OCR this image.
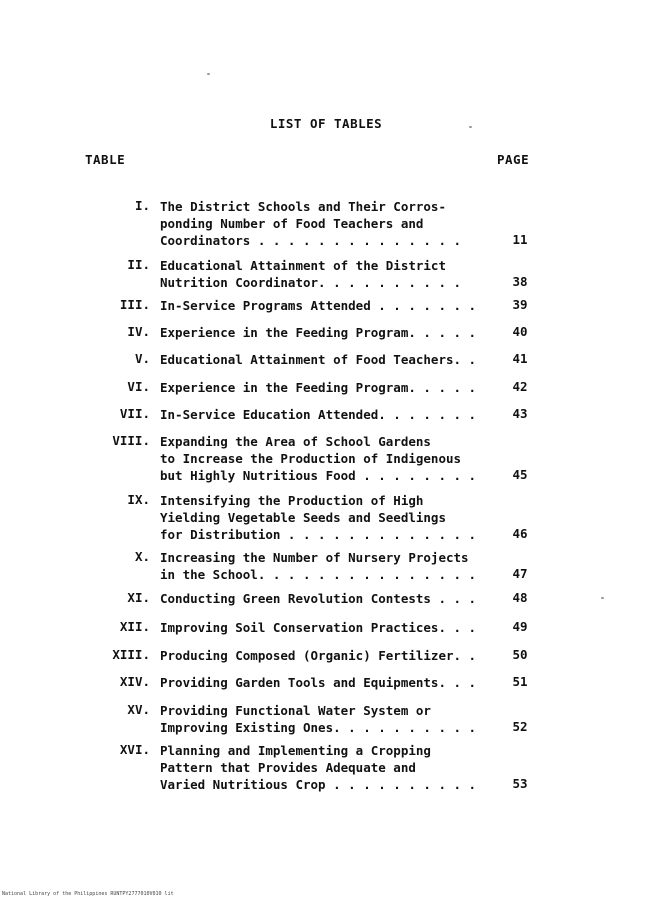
LIST OF TABLES
TABLE	PAGE
I. The District Schools and Their Corros-
ponding Number of Food Teachers and
Coordinators . . . . . . . . . . . . . .	11
II. Educational Attainment of the District
Nutrition Coordinator. . . . . . . . . .	38
III. In-Service Programs Attended . . . . . . .	39
IV. Experience in the Feeding Program. . . . .	40
V. Educational Attainment of Food Teachers. .	41
VI. Experience in the Feeding Program. . . . .	42
VII. In-Service Education Attended. . . . . . .	43
VIII. Expanding the Area of School Gardens
to Increase the Production of Indigenous
but Highly Nutritious Food . . . . . . . .	45
IX. Intensifying the Production of High
Yielding Vegetable Seeds and Seedlings
for Distribution . . . . . . . . . . . . .	46
X. Increasing the Number of Nursery Projects
in the School. . . . . . . . . . . . . . .	47
XI. Conducting Green Revolution Contests . . .	48
XII. Improving Soil Conservation Practices. . .	49
XIII. Producing Composed (Organic) Fertilizer. .	50
XIV. Providing Garden Tools and Equipments. . .	51
XV. Providing Functional Water System or
Improving Existing Ones. . . . . . . . . .	52
XVI. Planning and Implementing a Cropping
Pattern that Provides Adequate and
Varied Nutritious Crop . . . . . . . . . .	53
National Library of the Philippines RUNTPY2777010V010 lit
